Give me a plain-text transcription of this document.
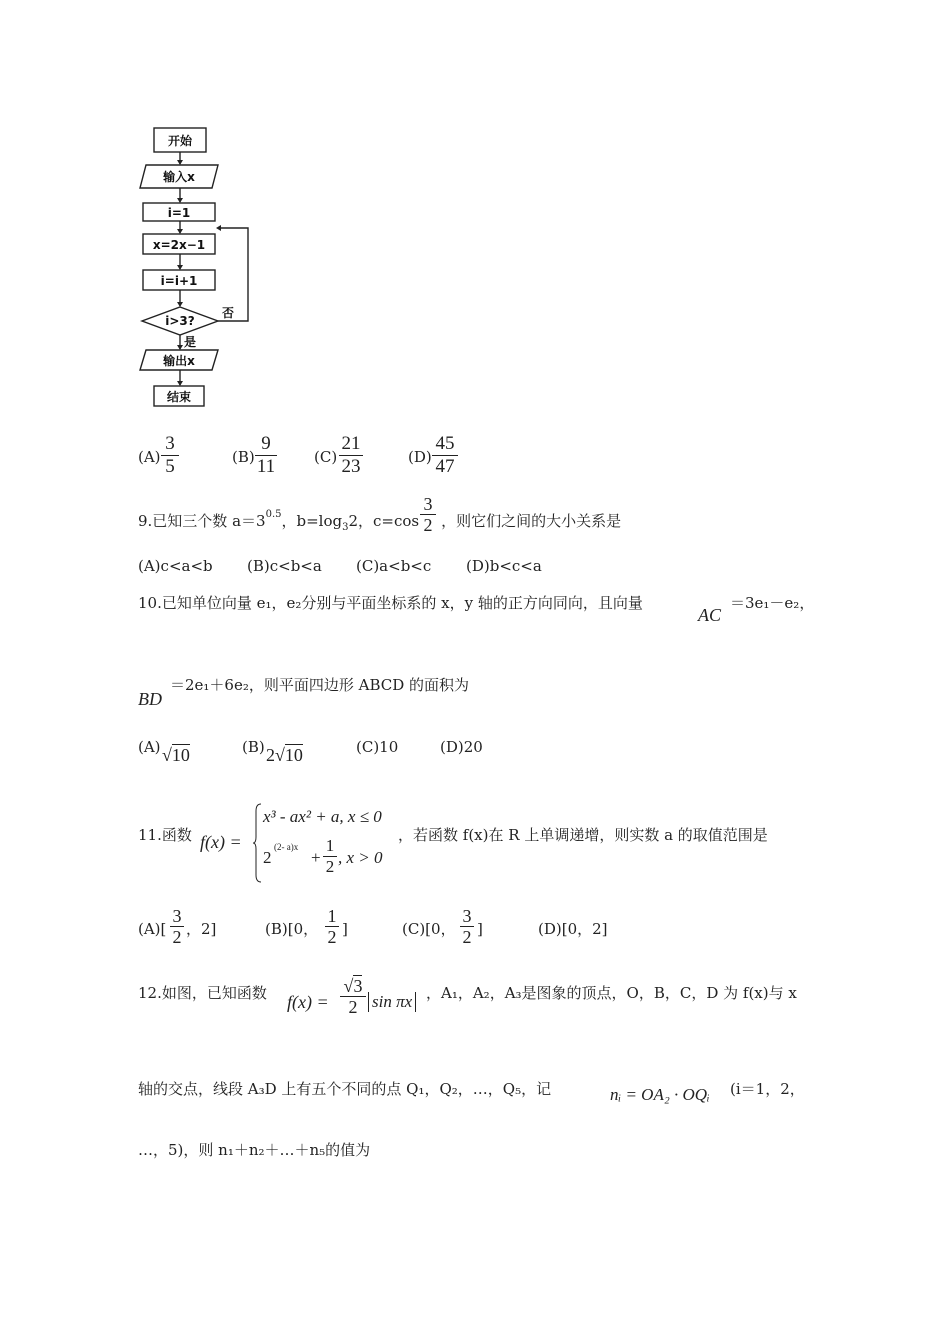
开始
输入x
i=1
x=2x−1
i=i+1
i>3?
否
是
输出x
结束
(A)
3
5	(B)
9
11	(C)
21
23	(D)
45
47
9.已知三个数 $a=3^{0.5}$，$b=\log_32$，c=cos ，则它们之间的大小关系是
3
2
(A)c<a<b (B)c<b<a (C)a<b<c (D)b<c<a
10.已知单位向量 e₁，e₂分别与平面坐标系的 x，y 轴的正方向同向，且向量
AC
＝3e₁－e₂，
BD
＝2e₁＋6e₂，则平面四边形 ABCD 的面积为
(A) √10	(B) 2√10	(C)10	(D)20
11.函数 f(x) =
x³ - ax² + a, x ≤ 0
2
(2- a)x
+
1
2 , x > 0
，若函数 f(x)在 R 上单调递增，则实数 a 的取值范围是
(A)[
3
2 ，2]	(B)[0，
1
2 ]	(C)[0，
3
2 ]	(D)[0，2]
12.如图，已知函数 f(x) =
√3
2 sin πx ，A₁，A₂，A₃是图象的顶点，O，B，C，D 为 f(x)与 x
轴的交点，线段 A₃D 上有五个不同的点 Q₁，Q₂，…，Q₅，记	nᵢ = OA₂ · OQᵢ (i＝1，2，
…，5)，则 n₁＋n₂＋…＋n₅的值为
